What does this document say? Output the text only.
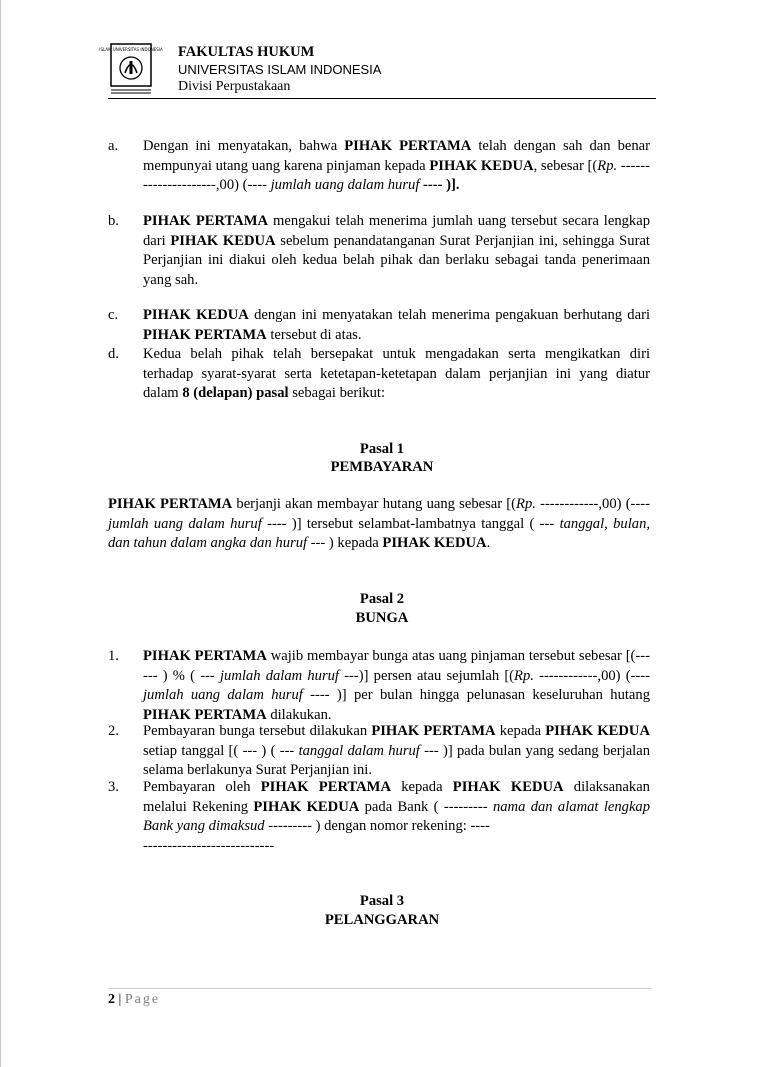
ISLAM UNIVERSITAS INDONESIA FAKULTAS HUKUM
UNIVERSITAS ISLAM INDONESIA
Divisi Perpustakaan
a. Dengan ini menyatakan, bahwa PIHAK PERTAMA telah dengan sah dan benar mempunyai utang uang karena pinjaman kepada PIHAK KEDUA, sebesar [(Rp. ---------------------,00) (---- jumlah uang dalam huruf ---- )].
b. PIHAK PERTAMA mengakui telah menerima jumlah uang tersebut secara lengkap dari PIHAK KEDUA sebelum penandatanganan Surat Perjanjian ini, sehingga Surat Perjanjian ini diakui oleh kedua belah pihak dan berlaku sebagai tanda penerimaan yang sah.
c. PIHAK KEDUA dengan ini menyatakan telah menerima pengakuan berhutang dari PIHAK PERTAMA tersebut di atas.
d. Kedua belah pihak telah bersepakat untuk mengadakan serta mengikatkan diri terhadap syarat-syarat serta ketetapan-ketetapan dalam perjanjian ini yang diatur dalam 8 (delapan) pasal sebagai berikut:
Pasal 1
PEMBAYARAN
PIHAK PERTAMA berjanji akan membayar hutang uang sebesar [(Rp. ------------,00) (---- jumlah uang dalam huruf ---- )] tersebut selambat-lambatnya tanggal ( --- tanggal, bulan, dan tahun dalam angka dan huruf --- ) kepada PIHAK KEDUA.
Pasal 2
BUNGA
1. PIHAK PERTAMA wajib membayar bunga atas uang pinjaman tersebut sebesar [(------ ) % ( --- jumlah dalam huruf ---)] persen atau sejumlah [(Rp. ------------,00) (---- jumlah uang dalam huruf ---- )] per bulan hingga pelunasan keseluruhan hutang PIHAK PERTAMA dilakukan.
2. Pembayaran bunga tersebut dilakukan PIHAK PERTAMA kepada PIHAK KEDUA setiap tanggal [( --- ) ( --- tanggal dalam huruf --- )] pada bulan yang sedang berjalan selama berlakunya Surat Perjanjian ini.
3. Pembayaran oleh PIHAK PERTAMA kepada PIHAK KEDUA dilaksanakan melalui Rekening PIHAK KEDUA pada Bank ( --------- nama dan alamat lengkap Bank yang dimaksud --------- ) dengan nomor rekening: ----
---------------------------
Pasal 3
PELANGGARAN
2 | Page
